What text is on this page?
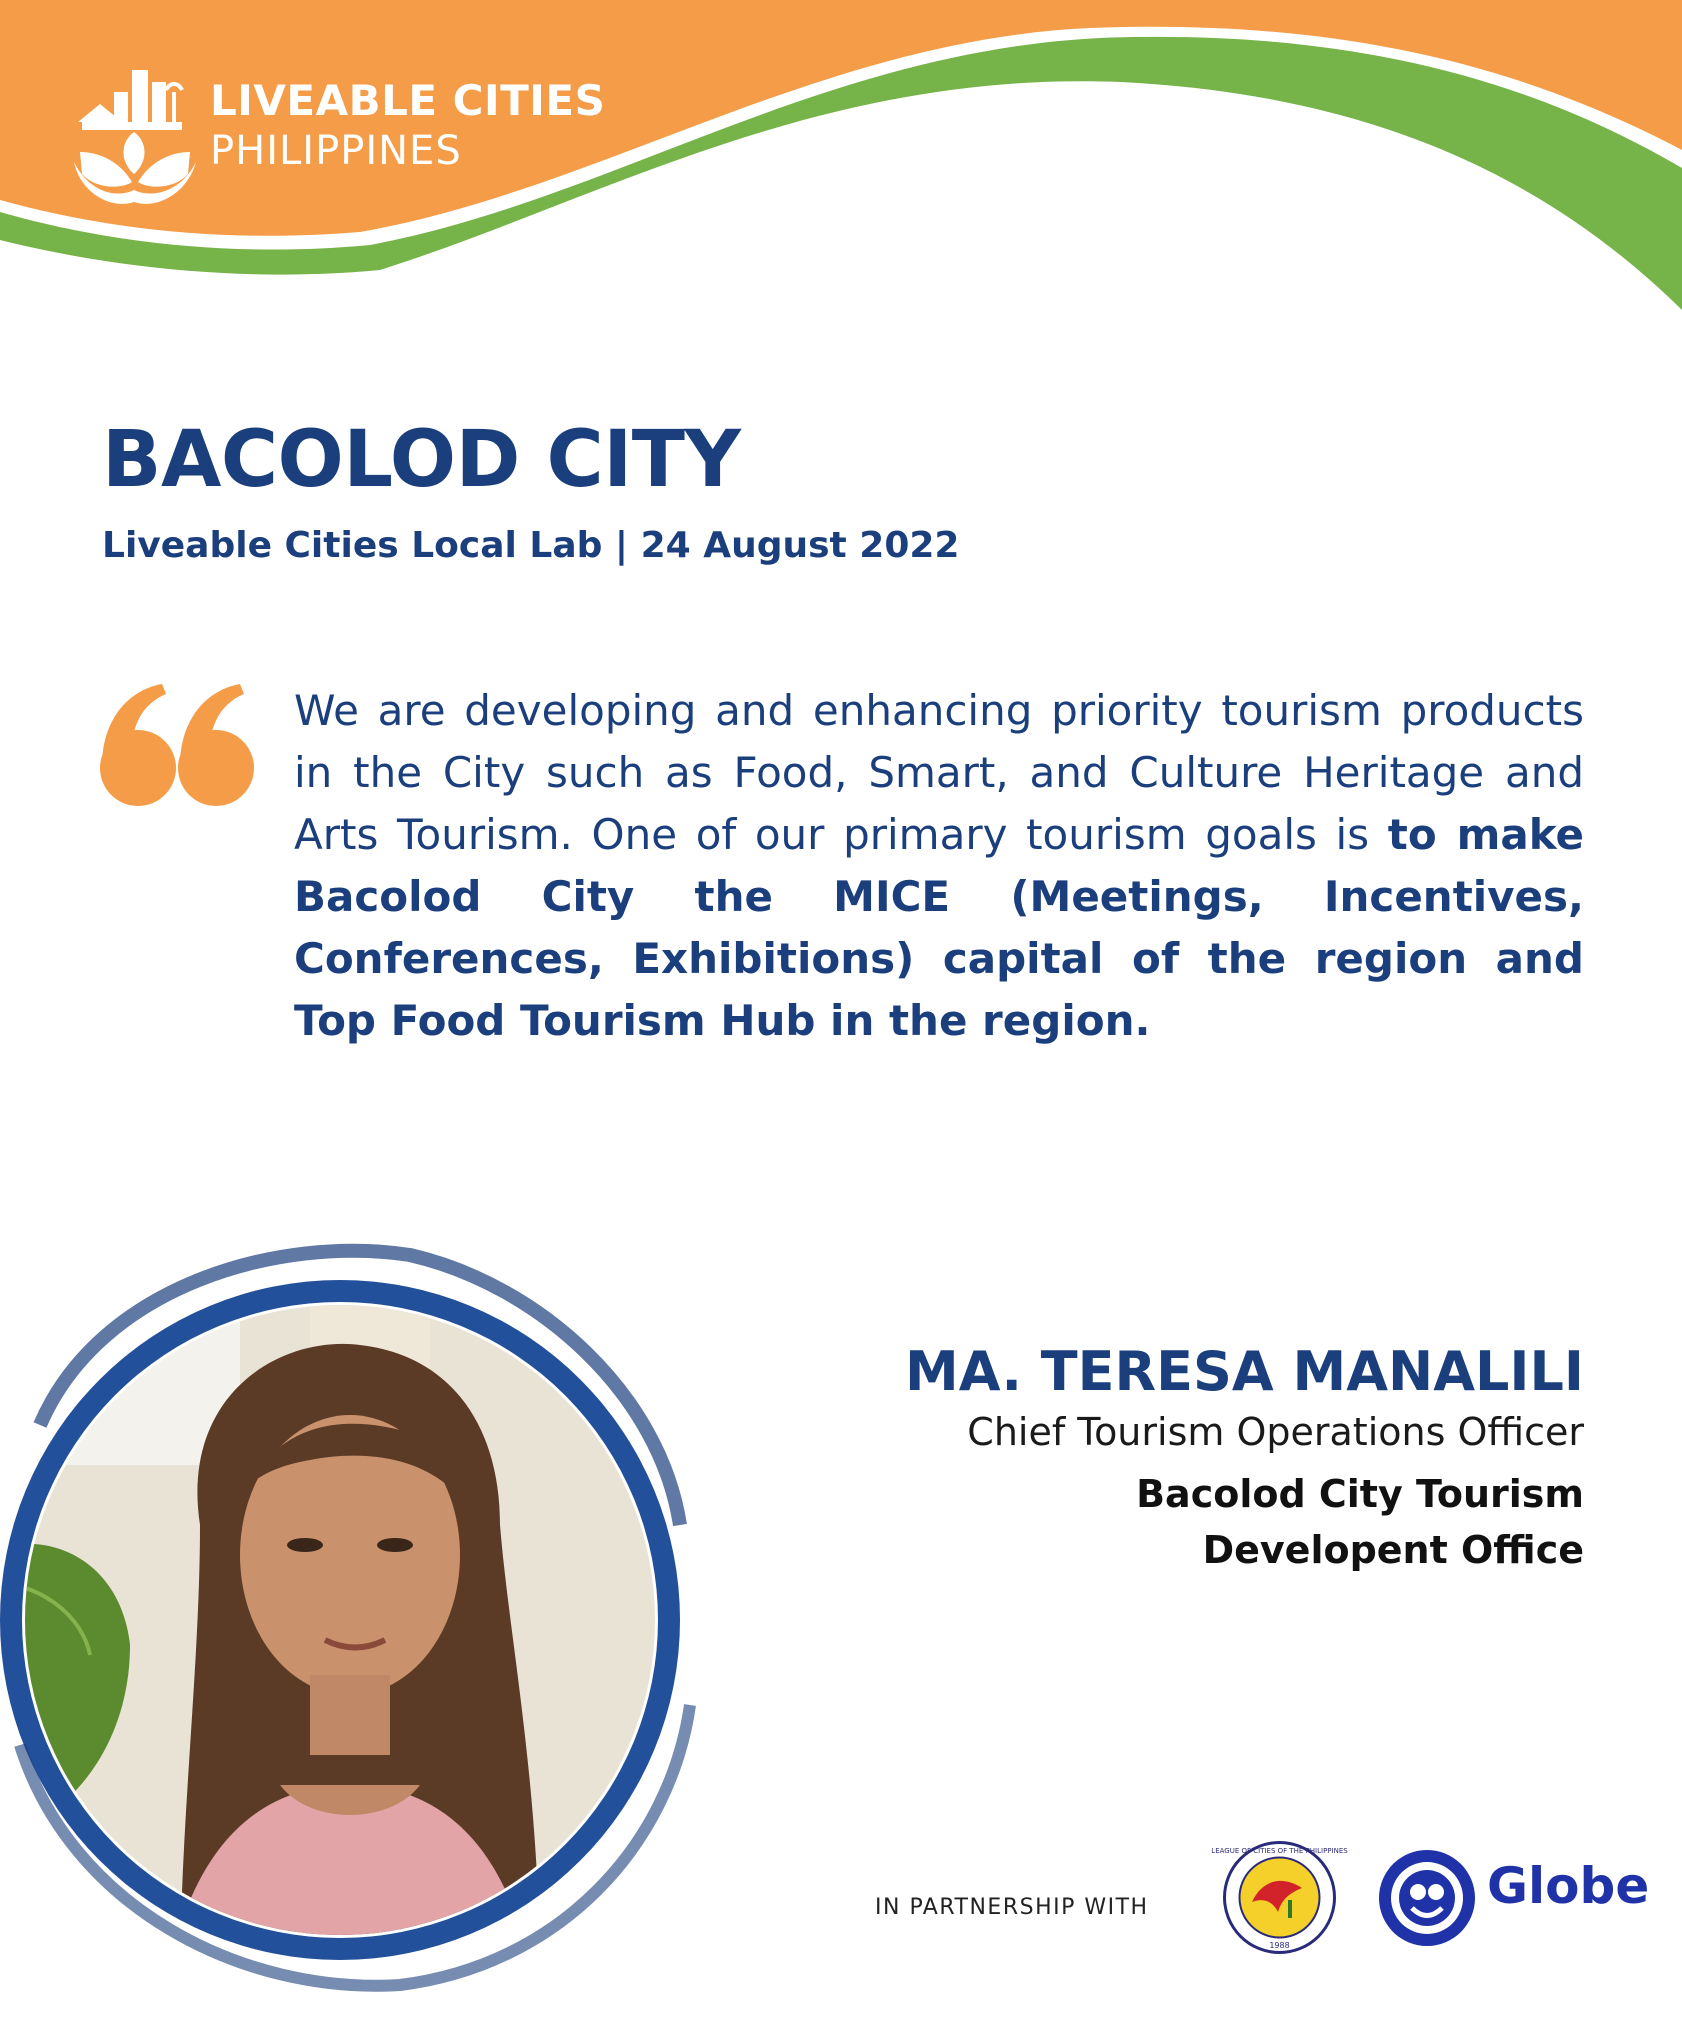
LIVEABLE CITIES
PHILIPPINES
BACOLOD CITY
Liveable Cities Local Lab | 24 August 2022
We are developing and enhancing priority tourism products in the City such as Food, Smart, and Culture Heritage and Arts Tourism. One of our primary tourism goals is to make Bacolod City the MICE (Meetings, Incentives, Conferences, Exhibitions) capital of the region and Top Food Tourism Hub in the region.
MA. TERESA MANALILI
Chief Tourism Operations Officer
Bacolod City Tourism
Developent Office
IN PARTNERSHIP WITH
LEAGUE OF CITIES OF THE PHILIPPINES
1988
Globe
